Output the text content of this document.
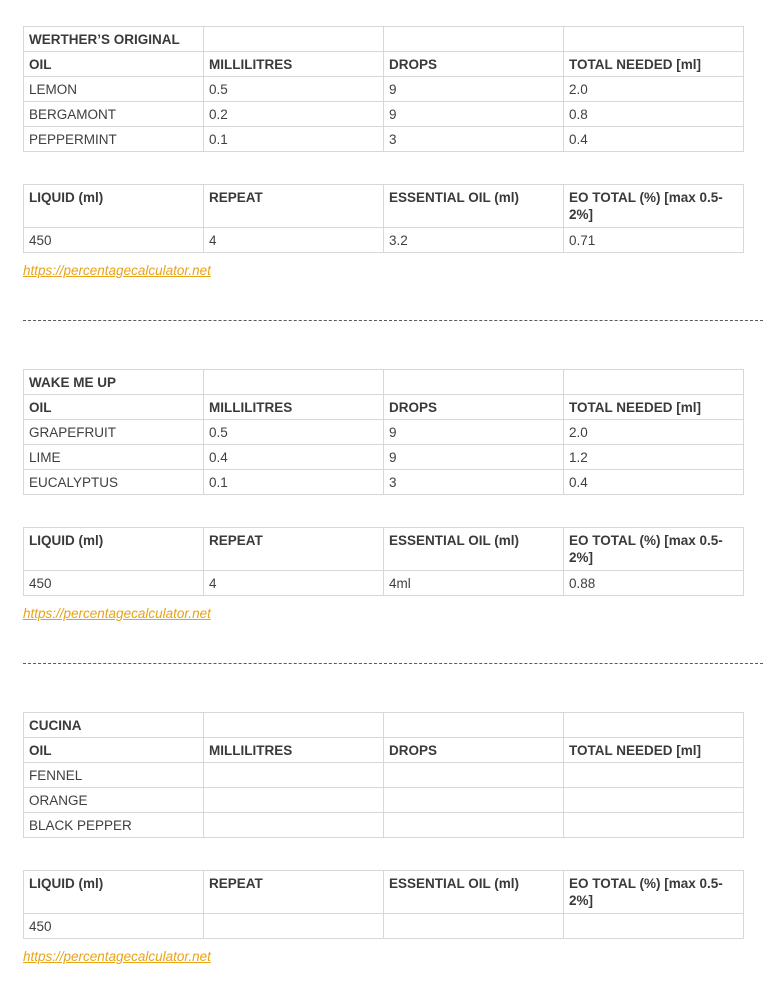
WERTHER’S ORIGINAL			
OIL	MILLILITRES	DROPS	TOTAL NEEDED [ml]
LEMON	0.5	9	2.0
BERGAMONT	0.2	9	0.8
PEPPERMINT	0.1	3	0.4
LIQUID (ml)	REPEAT	ESSENTIAL OIL (ml)	EO TOTAL (%) [max 0.5-2%]
450	4	3.2	0.71
https://percentagecalculator.net
WAKE ME UP			
OIL	MILLILITRES	DROPS	TOTAL NEEDED [ml]
GRAPEFRUIT	0.5	9	2.0
LIME	0.4	9	1.2
EUCALYPTUS	0.1	3	0.4
LIQUID (ml)	REPEAT	ESSENTIAL OIL (ml)	EO TOTAL (%) [max 0.5-2%]
450	4	4ml	0.88
https://percentagecalculator.net
CUCINA			
OIL	MILLILITRES	DROPS	TOTAL NEEDED [ml]
FENNEL			
ORANGE			
BLACK PEPPER			
LIQUID (ml)	REPEAT	ESSENTIAL OIL (ml)	EO TOTAL (%) [max 0.5-2%]
450			
https://percentagecalculator.net
